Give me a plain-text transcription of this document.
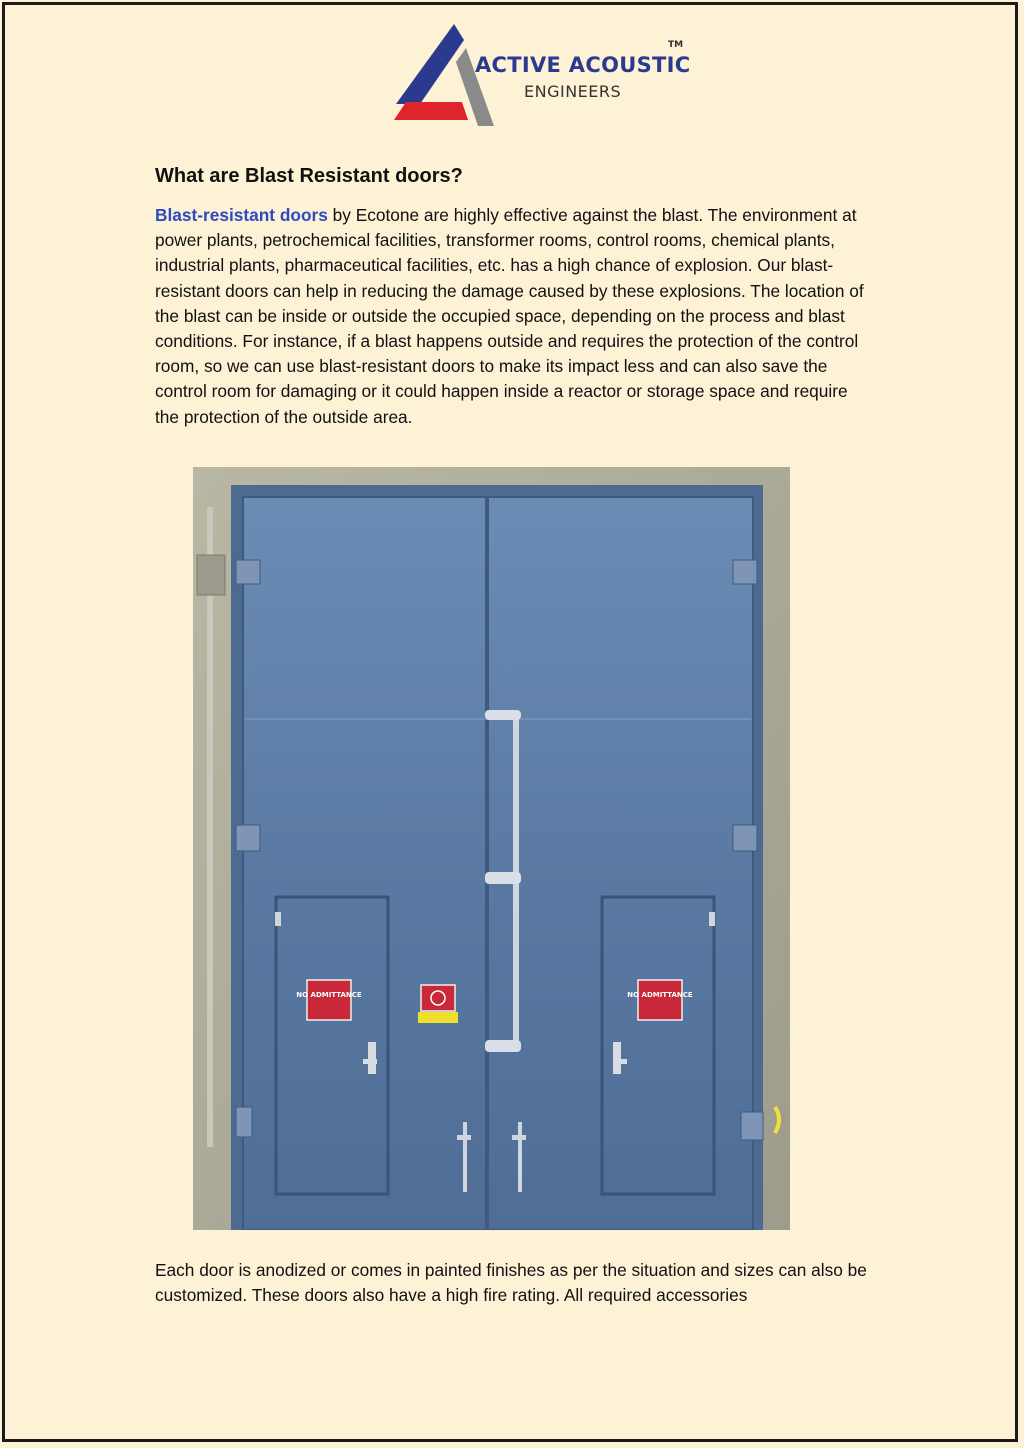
ACTIVE ACOUSTIC
ENGINEERS
TM
What are Blast Resistant doors?

Blast-resistant doors by Ecotone are highly effective against the blast. The environment at power plants, petrochemical facilities, transformer rooms, control rooms, chemical plants, industrial plants, pharmaceutical facilities, etc. has a high chance of explosion. Our blast-resistant doors can help in reducing the damage caused by these explosions. The location of the blast can be inside or outside the occupied space, depending on the process and blast conditions. For instance, if a blast happens outside and requires the protection of the control room, so we can use blast-resistant doors to make its impact less and can also save the control room for damaging or it could happen inside a reactor or storage space and require the protection of the outside area.

NO ADMITTANCE	NO ADMITTANCE

Each door is anodized or comes in painted finishes as per the situation and sizes can also be customized. These doors also have a high fire rating. All required accessories
